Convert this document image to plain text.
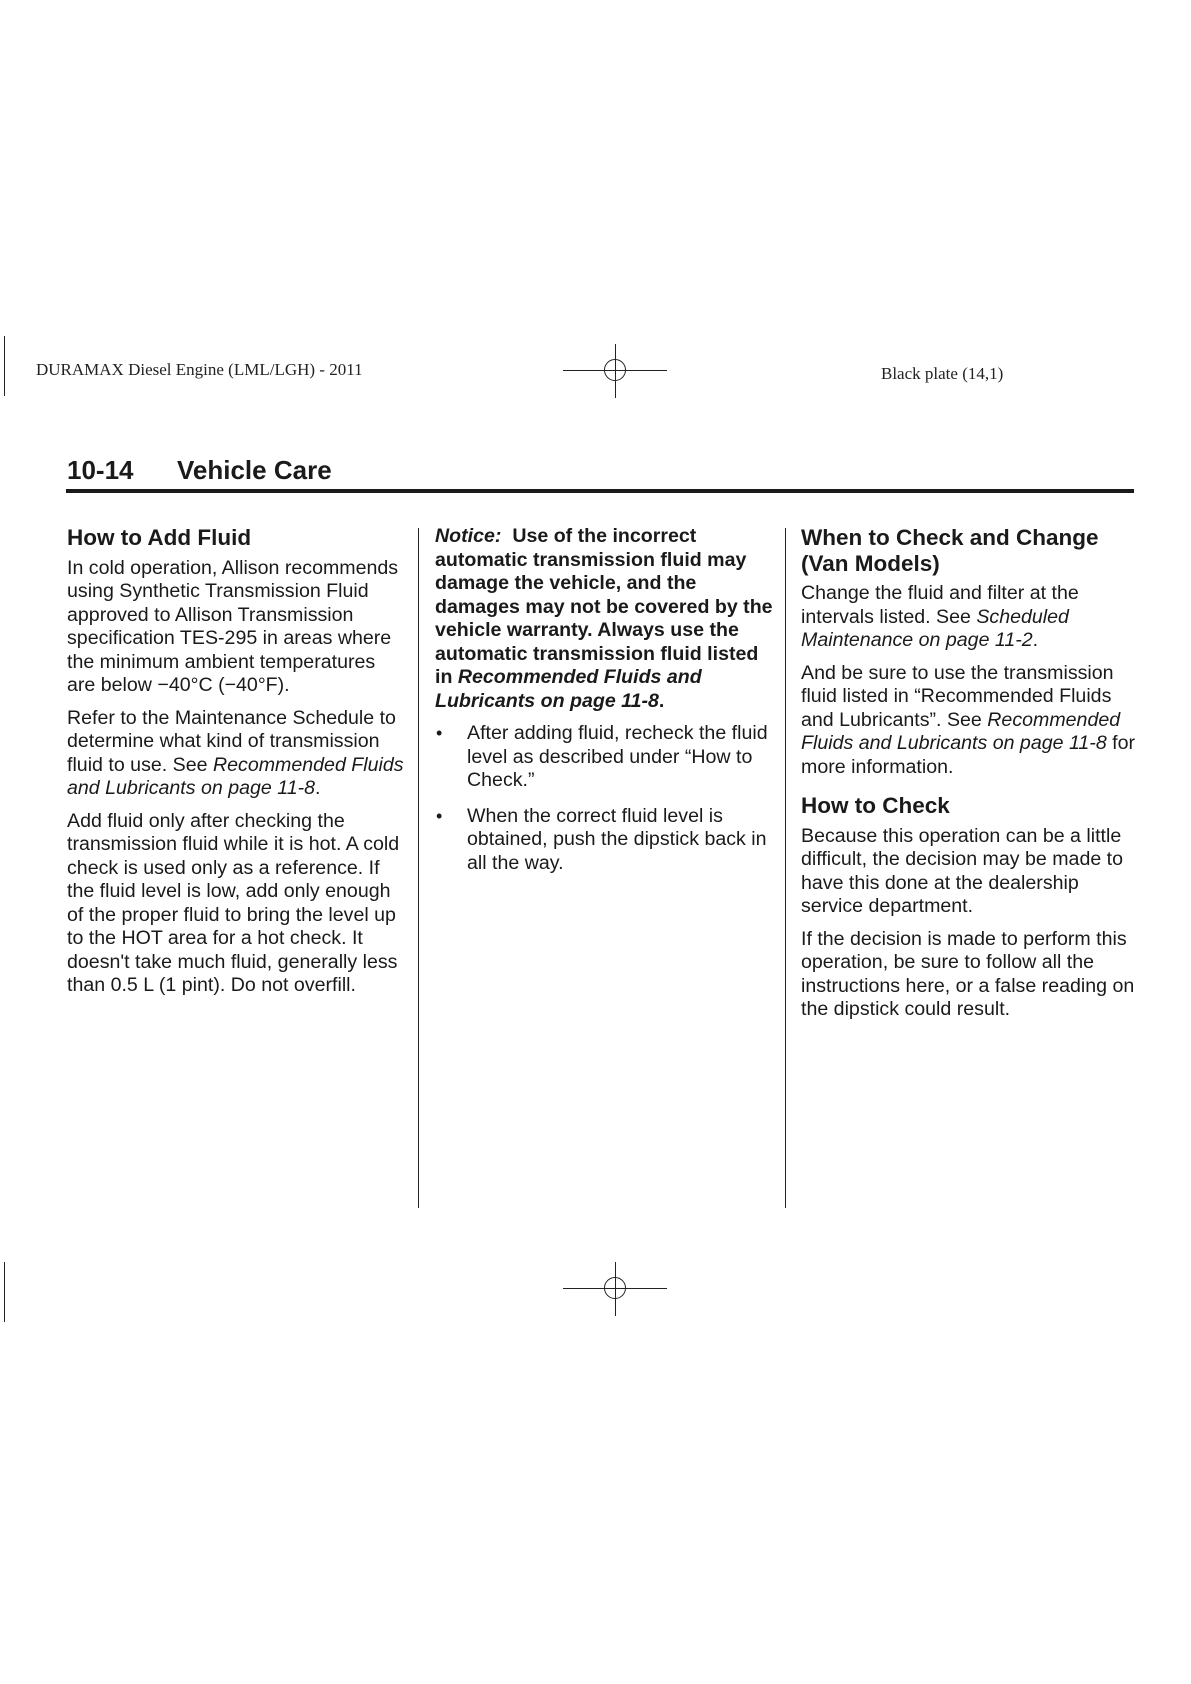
DURAMAX Diesel Engine (LML/LGH) - 2011	Black plate (14,1)
10-14 Vehicle Care
How to Add Fluid

In cold operation, Allison recommends using Synthetic Transmission Fluid approved to Allison Transmission specification TES-295 in areas where the minimum ambient temperatures are below −40°C (−40°F).

Refer to the Maintenance Schedule to determine what kind of transmission fluid to use. See Recommended Fluids and Lubricants on page 11-8.

Add fluid only after checking the transmission fluid while it is hot. A cold check is used only as a reference. If the fluid level is low, add only enough of the proper fluid to bring the level up to the HOT area for a hot check. It doesn't take much fluid, generally less than 0.5 L (1 pint). Do not overfill.

Notice: Use of the incorrect automatic transmission fluid may damage the vehicle, and the damages may not be covered by the vehicle warranty. Always use the automatic transmission fluid listed in Recommended Fluids and Lubricants on page 11-8.

• After adding fluid, recheck the fluid level as described under “How to Check.”
• When the correct fluid level is obtained, push the dipstick back in all the way.
When to Check and Change (Van Models)

Change the fluid and filter at the intervals listed. See Scheduled Maintenance on page 11-2.

And be sure to use the transmission fluid listed in “Recommended Fluids and Lubricants”. See Recommended Fluids and Lubricants on page 11-8 for more information.

How to Check

Because this operation can be a little difficult, the decision may be made to have this done at the dealership service department.

If the decision is made to perform this operation, be sure to follow all the instructions here, or a false reading on the dipstick could result.
